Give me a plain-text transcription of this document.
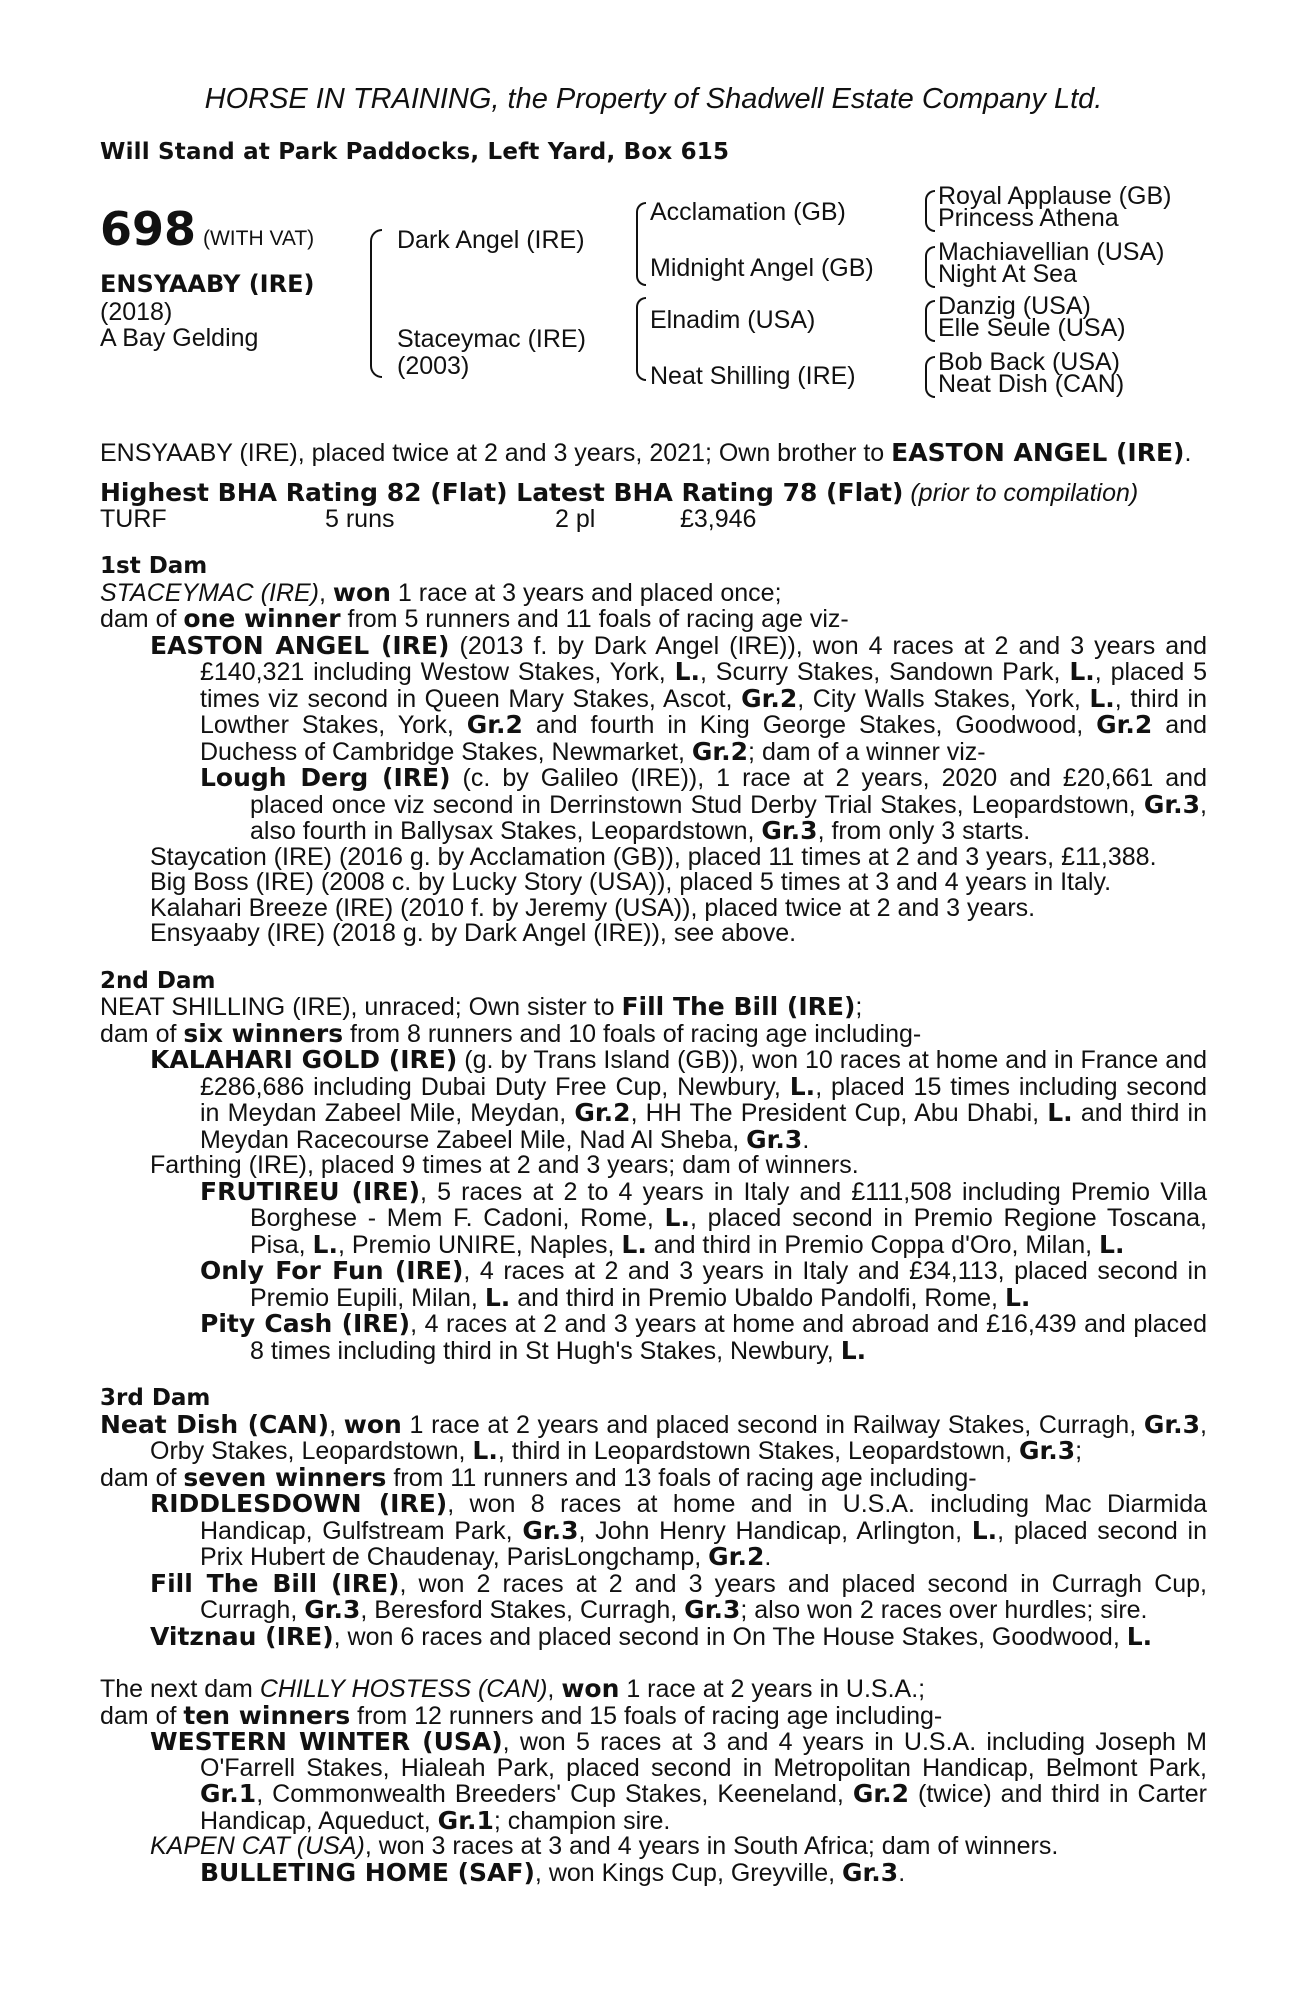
HORSE IN TRAINING, the Property of Shadwell Estate Company Ltd.
Will Stand at Park Paddocks, Left Yard, Box 615
698 (WITH VAT)
ENSYAABY (IRE)
(2018)
A Bay Gelding
Dark Angel (IRE)
Staceymac (IRE)
(2003)
Acclamation (GB)
Midnight Angel (GB)
Elnadim (USA)
Neat Shilling (IRE)
Royal Applause (GB)
Princess Athena
Machiavellian (USA)
Night At Sea
Danzig (USA)
Elle Seule (USA)
Bob Back (USA)
Neat Dish (CAN)
ENSYAABY (IRE), placed twice at 2 and 3 years, 2021; Own brother to EASTON ANGEL (IRE).
Highest BHA Rating 82 (Flat) Latest BHA Rating 78 (Flat) (prior to compilation)
TURF	5 runs	2 pl	£3,946
1st Dam
STACEYMAC (IRE), won 1 race at 3 years and placed once;
dam of one winner from 5 runners and 11 foals of racing age viz-
EASTON ANGEL (IRE) (2013 f. by Dark Angel (IRE)), won 4 races at 2 and 3 years and £140,321 including Westow Stakes, York, L., Scurry Stakes, Sandown Park, L., placed 5 times viz second in Queen Mary Stakes, Ascot, Gr.2, City Walls Stakes, York, L., third in Lowther Stakes, York, Gr.2 and fourth in King George Stakes, Goodwood, Gr.2 and Duchess of Cambridge Stakes, Newmarket, Gr.2; dam of a winner viz-
Lough Derg (IRE) (c. by Galileo (IRE)), 1 race at 2 years, 2020 and £20,661 and placed once viz second in Derrinstown Stud Derby Trial Stakes, Leopardstown, Gr.3, also fourth in Ballysax Stakes, Leopardstown, Gr.3, from only 3 starts.
Staycation (IRE) (2016 g. by Acclamation (GB)), placed 11 times at 2 and 3 years, £11,388.
Big Boss (IRE) (2008 c. by Lucky Story (USA)), placed 5 times at 3 and 4 years in Italy.
Kalahari Breeze (IRE) (2010 f. by Jeremy (USA)), placed twice at 2 and 3 years.
Ensyaaby (IRE) (2018 g. by Dark Angel (IRE)), see above.
2nd Dam
NEAT SHILLING (IRE), unraced; Own sister to Fill The Bill (IRE);
dam of six winners from 8 runners and 10 foals of racing age including-
KALAHARI GOLD (IRE) (g. by Trans Island (GB)), won 10 races at home and in France and £286,686 including Dubai Duty Free Cup, Newbury, L., placed 15 times including second in Meydan Zabeel Mile, Meydan, Gr.2, HH The President Cup, Abu Dhabi, L. and third in Meydan Racecourse Zabeel Mile, Nad Al Sheba, Gr.3.
Farthing (IRE), placed 9 times at 2 and 3 years; dam of winners.
FRUTIREU (IRE), 5 races at 2 to 4 years in Italy and £111,508 including Premio Villa Borghese - Mem F. Cadoni, Rome, L., placed second in Premio Regione Toscana, Pisa, L., Premio UNIRE, Naples, L. and third in Premio Coppa d'Oro, Milan, L.
Only For Fun (IRE), 4 races at 2 and 3 years in Italy and £34,113, placed second in Premio Eupili, Milan, L. and third in Premio Ubaldo Pandolfi, Rome, L.
Pity Cash (IRE), 4 races at 2 and 3 years at home and abroad and £16,439 and placed 8 times including third in St Hugh's Stakes, Newbury, L.
3rd Dam
Neat Dish (CAN), won 1 race at 2 years and placed second in Railway Stakes, Curragh, Gr.3, Orby Stakes, Leopardstown, L., third in Leopardstown Stakes, Leopardstown, Gr.3;
dam of seven winners from 11 runners and 13 foals of racing age including-
RIDDLESDOWN (IRE), won 8 races at home and in U.S.A. including Mac Diarmida Handicap, Gulfstream Park, Gr.3, John Henry Handicap, Arlington, L., placed second in Prix Hubert de Chaudenay, ParisLongchamp, Gr.2.
Fill The Bill (IRE), won 2 races at 2 and 3 years and placed second in Curragh Cup, Curragh, Gr.3, Beresford Stakes, Curragh, Gr.3; also won 2 races over hurdles; sire.
Vitznau (IRE), won 6 races and placed second in On The House Stakes, Goodwood, L.
The next dam CHILLY HOSTESS (CAN), won 1 race at 2 years in U.S.A.;
dam of ten winners from 12 runners and 15 foals of racing age including-
WESTERN WINTER (USA), won 5 races at 3 and 4 years in U.S.A. including Joseph M O'Farrell Stakes, Hialeah Park, placed second in Metropolitan Handicap, Belmont Park, Gr.1, Commonwealth Breeders' Cup Stakes, Keeneland, Gr.2 (twice) and third in Carter Handicap, Aqueduct, Gr.1; champion sire.
KAPEN CAT (USA), won 3 races at 3 and 4 years in South Africa; dam of winners.
BULLETING HOME (SAF), won Kings Cup, Greyville, Gr.3.
